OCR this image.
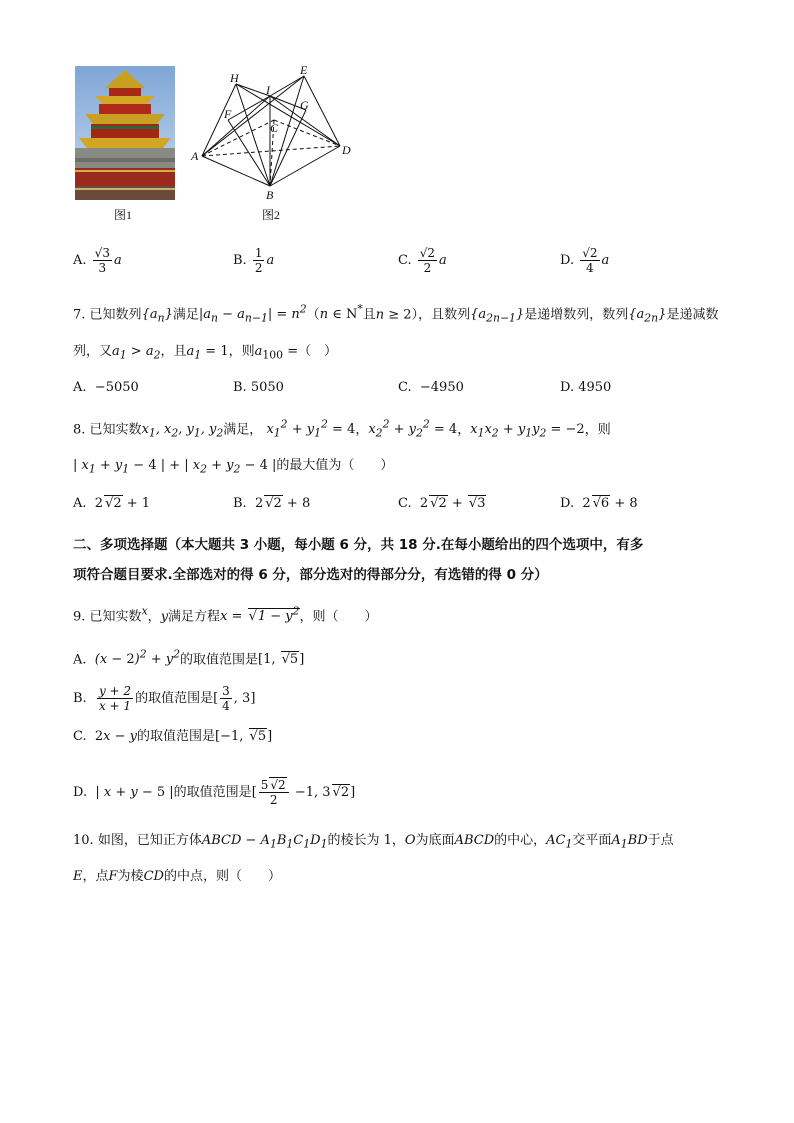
图1
H
E
I
F
G
C
A	D
B
图2
A. $\frac{√3}{3}$ a	B. $\frac{1}{2}$ a	C. $\frac{√2}{2}$ a	D. $\frac{√2}{4}$ a
7. 已知数列$\{a_n\}$满足$|a_n - a_{n-1}| = n^2(n$ ∈ N*且n ≥ 2），且数列$\{a_{2n-1}\}$是递增数列，数列$\{a_{2n}\}$是递减数
列，又$a_1 > a_2$，且$a_1 = 1$，则$a_{100}$ =（　）
A. −5050	B. 5050	C. −4950	D. 4950
8. 已知实数$x_1$, $x_2$, $y_1$, $y_2$满足， $x_1^2 + y_1^2 = 4$，$x_2^2 + y_2^2 = 4$，$x_1x_2 + y_1y_2 = -2$，则
| $x_1 + y_1 - 4$ | + | $x_2 + y_2 - 4$ |的最大值为（　　）
A. 2 √2 + 1	B. 2 √2 + 8	C. 2 √2 + √3	D. 2 √6 + 8
二、多项选择题（本大题共 3 小题，每小题 6 分，共 18 分.在每小题给出的四个选项中，有多
项符合题目要求.全部选对的得 6 分，部分选对的得部分分，有选错的得 0 分）
9. 已知实数$^x$，y满足方程$x = √1 - y^2$，则（　　）
A. $(x - 2)^2 + y^2$的取值范围是[1, √5]
B. $\frac{y + 2}{x + 1}$ 的取值范围是[ $\frac{3}{4}$ , 3]
C. 2x − y的取值范围是[−1, √5]
D. | x + y − 5 |的取值范围是[ $\frac{5 √2}{2} -1$, 3 √2]
10. 如图，已知正方体ABCD − $A_1B_1C_1D_1$的棱长为 1，O为底面ABCD的中心，$AC_1$交平面$A_1BD$于点
E，点F为棱CD的中点，则（　　）
